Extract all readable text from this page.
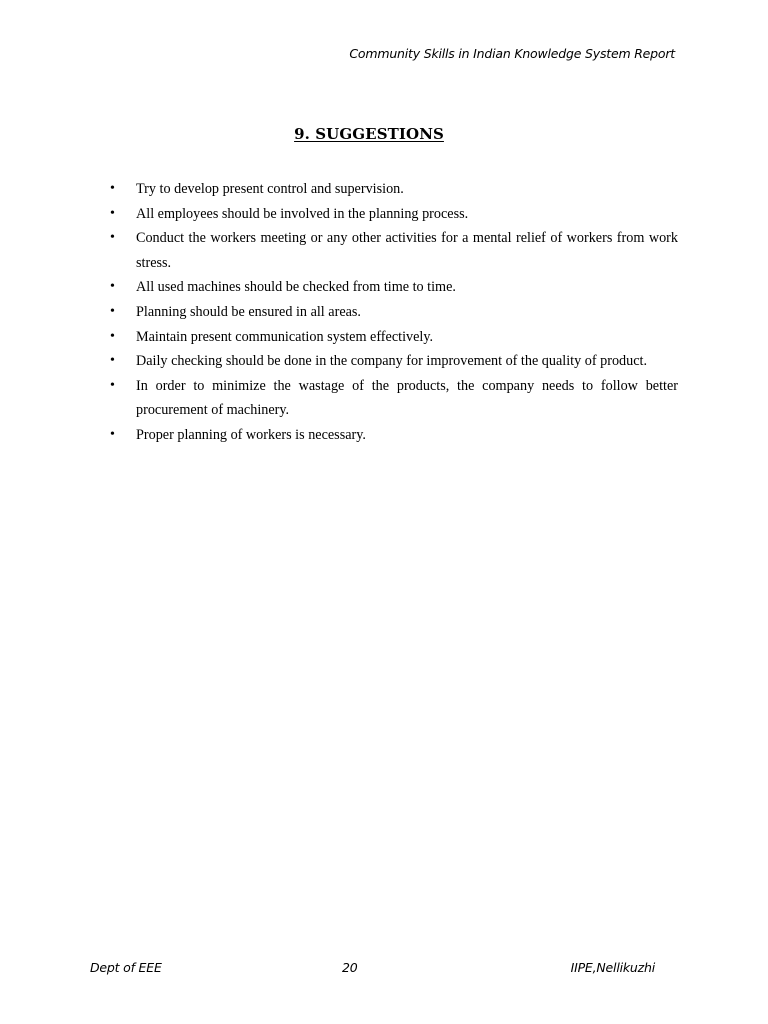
Community Skills in Indian Knowledge System Report
9. SUGGESTIONS
• Try to develop present control and supervision.
• All employees should be involved in the planning process.
• Conduct the workers meeting or any other activities for a mental relief of workers from work stress.
• All used machines should be checked from time to time.
• Planning should be ensured in all areas.
• Maintain present communication system effectively.
• Daily checking should be done in the company for improvement of the quality of product.
• In order to minimize the wastage of the products, the company needs to follow better procurement of machinery.
• Proper planning of workers is necessary.
Dept of EEE	20	IIPE,Nellikuzhi
